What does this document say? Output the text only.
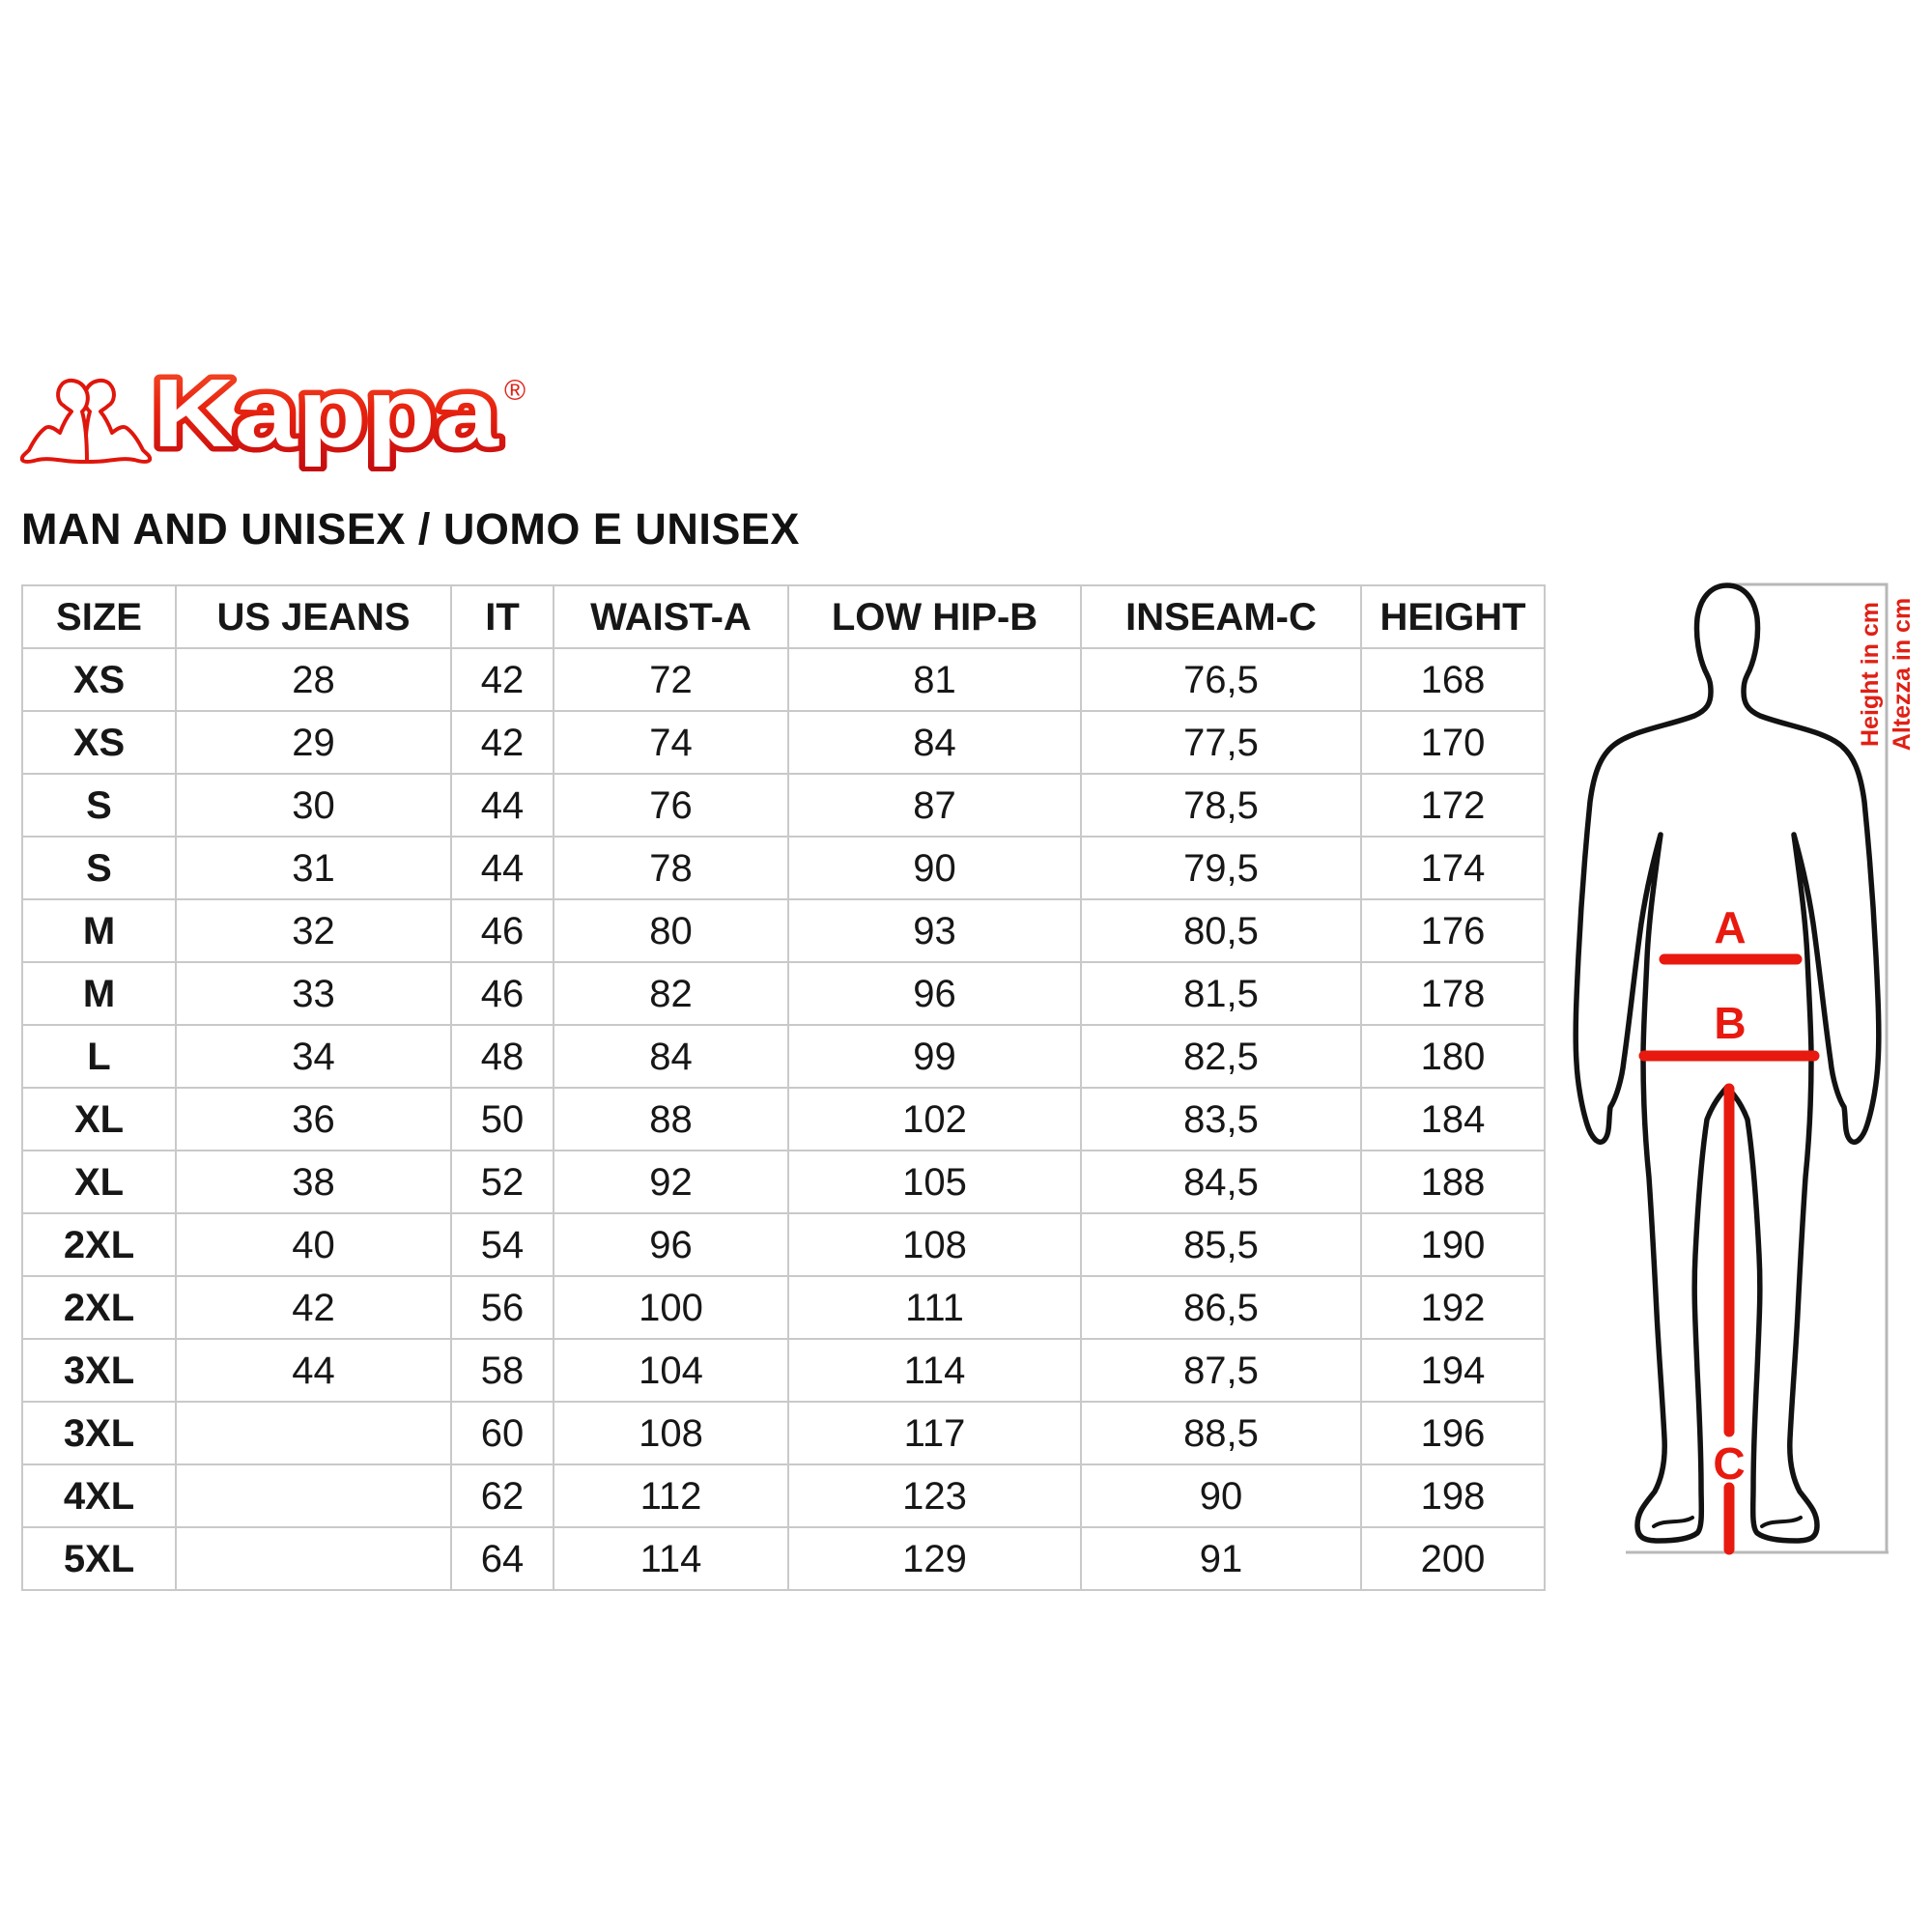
Kappa ®
MAN AND UNISEX / UOMO E UNISEX
SIZE	US JEANS	IT	WAIST-A	LOW HIP-B	INSEAM-C	HEIGHT
XS	28	42	72	81	76,5	168
XS	29	42	74	84	77,5	170
S	30	44	76	87	78,5	172
S	31	44	78	90	79,5	174
M	32	46	80	93	80,5	176
M	33	46	82	96	81,5	178
L	34	48	84	99	82,5	180
XL	36	50	88	102	83,5	184
XL	38	52	92	105	84,5	188
2XL	40	54	96	108	85,5	190
2XL	42	56	100	111	86,5	192
3XL	44	58	104	114	87,5	194
3XL		60	108	117	88,5	196
4XL		62	112	123	90	198
5XL		64	114	129	91	200
A
B
C
Height in cm Altezza in cm
